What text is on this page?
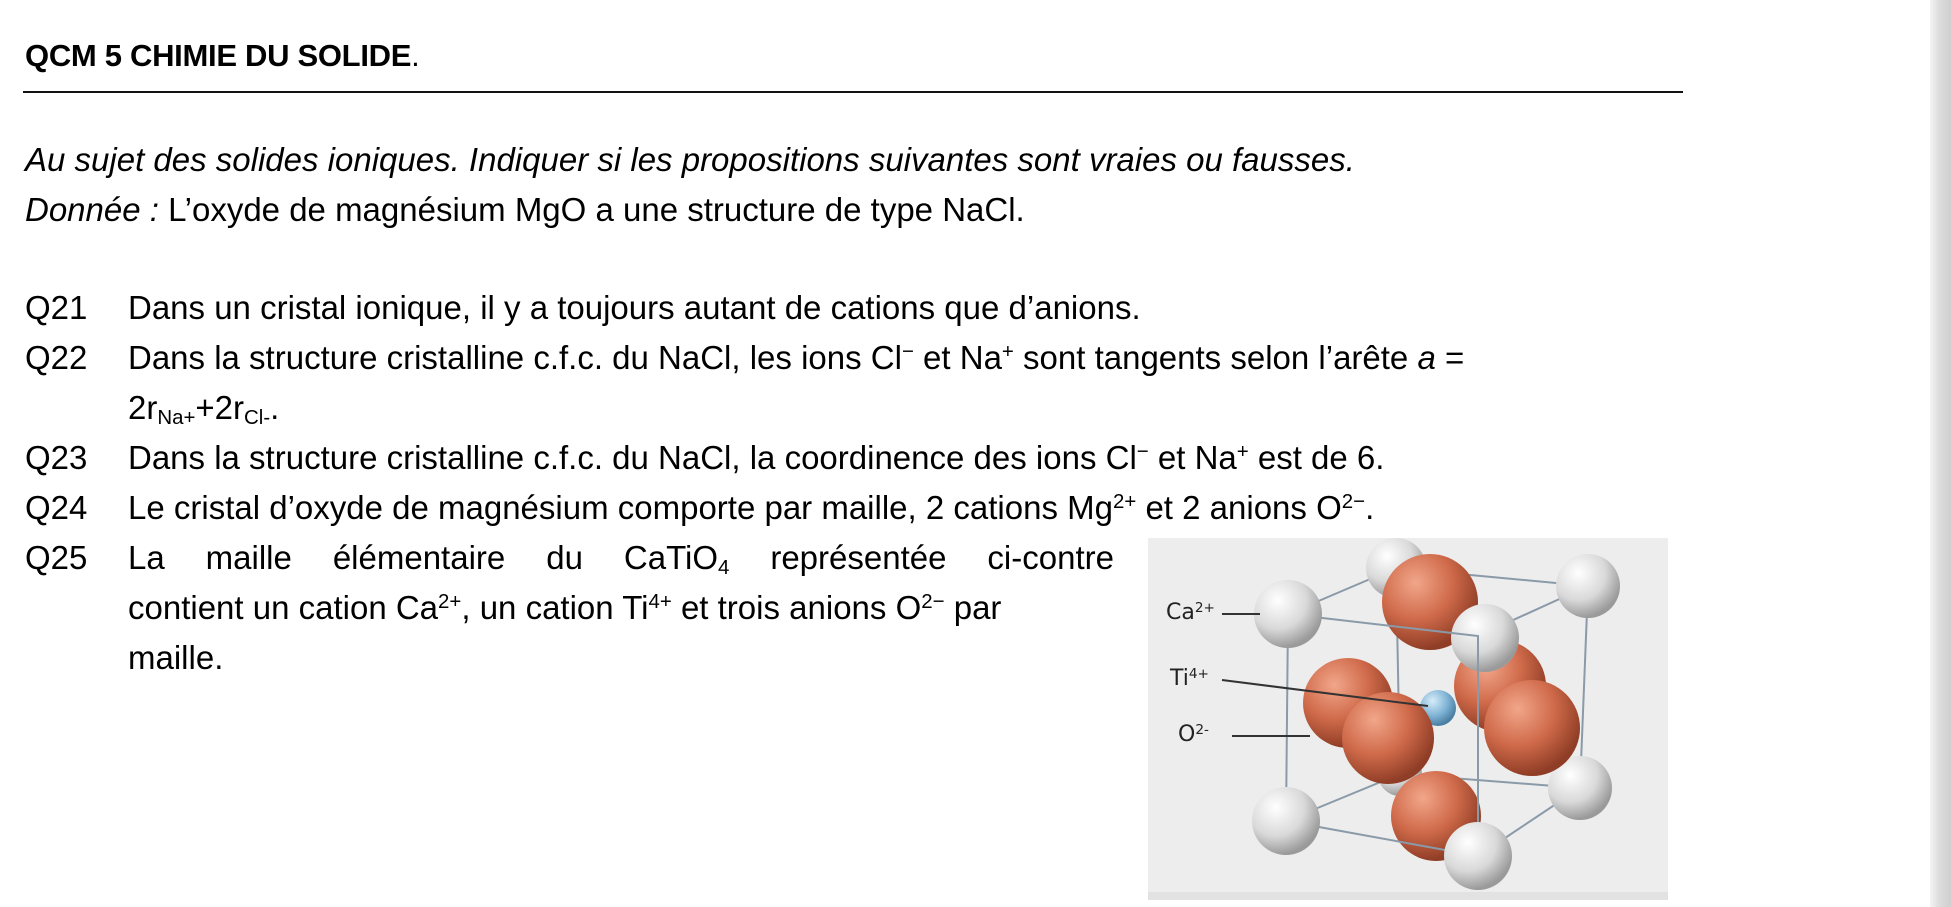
QCM 5 CHIMIE DU SOLIDE.
Au sujet des solides ioniques. Indiquer si les propositions suivantes sont vraies ou fausses.
Donnée : L’oxyde de magnésium MgO a une structure de type NaCl.
Q21 Dans un cristal ionique, il y a toujours autant de cations que d’anions.
Q22 Dans la structure cristalline c.f.c. du NaCl, les ions Cl− et Na+ sont tangents selon l’arête a =
$2r_{Na+}+2r_{Cl-}$.
Q23 Dans la structure cristalline c.f.c. du NaCl, la coordinence des ions Cl− et Na+ est de 6.
Q24 Le cristal d’oxyde de magnésium comporte par maille, 2 cations $Mg^{2+}$ et 2 anions $O^{2-}$.
Q25 La maille élémentaire du CaTiO$_4$ représentée ci-contre
contient un cation $Ca^{2+}$, un cation $Ti^{4+}$ et trois anions $O^{2-}$ par
maille.
$Ca^{2+}$
$Ti^{4+}$
$O^{2-}$
